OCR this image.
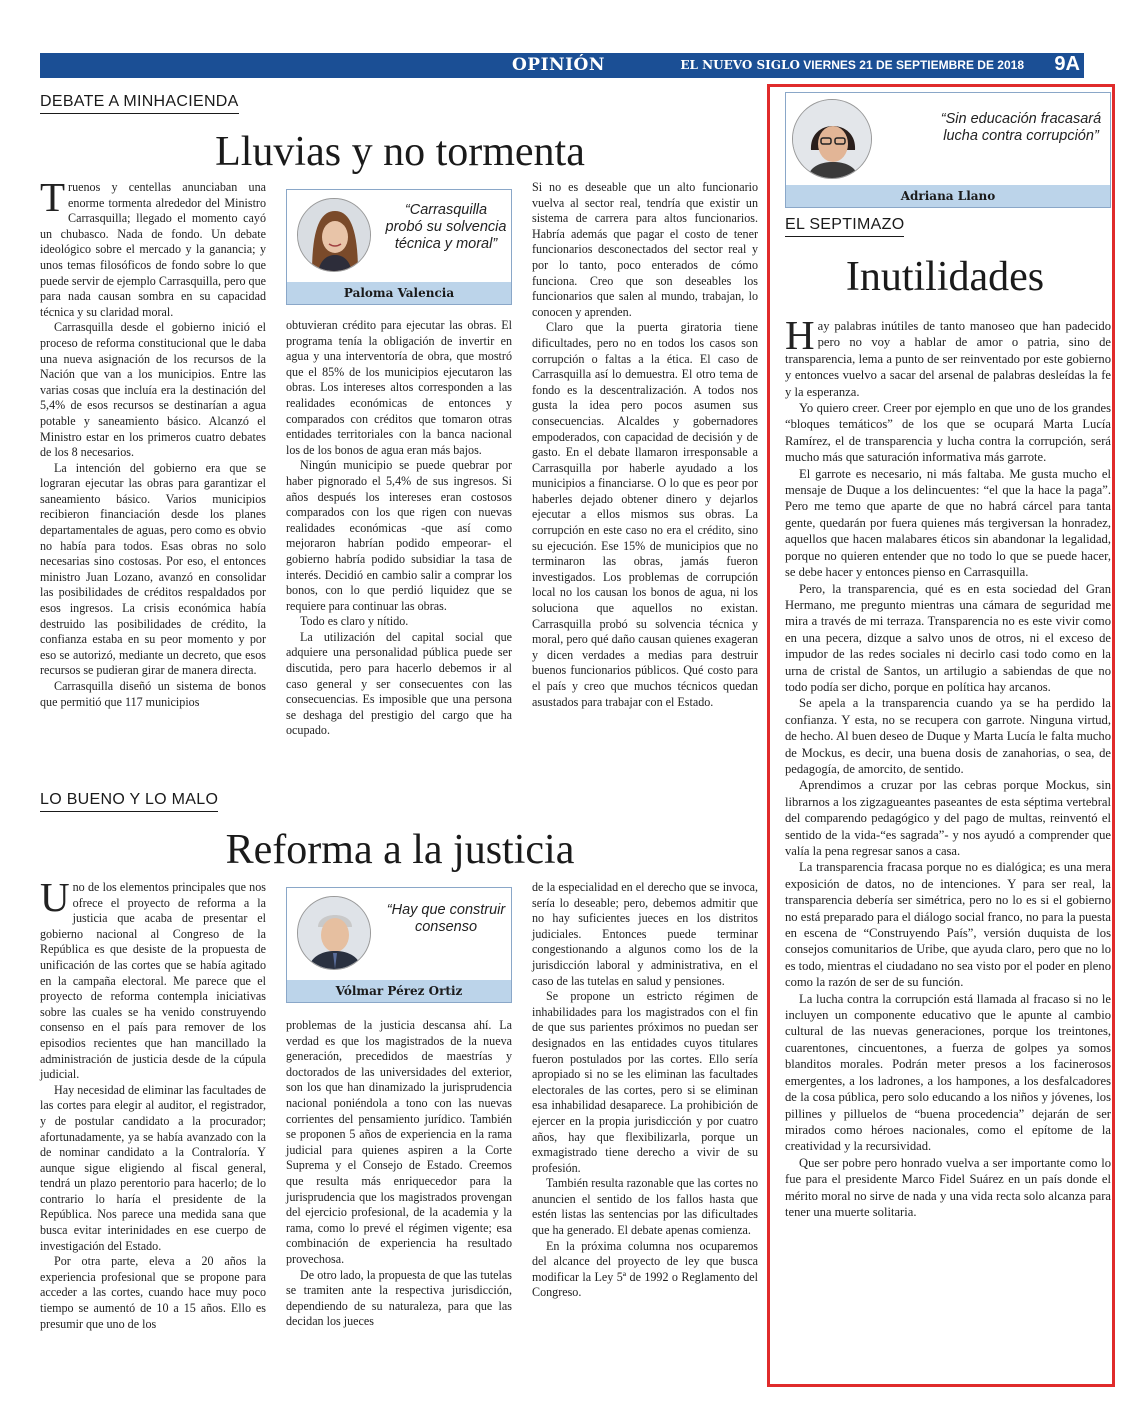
OPINIÓN	EL NUEVO SIGLO VIERNES 21 DE SEPTIEMBRE DE 2018 9A
DEBATE A MINHACIENDA
Lluvias y no tormenta

Truenos y centellas anunciaban una enorme tormenta alrededor del Ministro Carrasquilla; llegado el momento cayó un chubasco. Nada de fondo. Un debate ideológico sobre el mercado y la ganancia; y unos temas filosóficos de fondo sobre lo que puede servir de ejemplo Carrasquilla, pero que para nada causan sombra en su capacidad técnica y su claridad moral.

Carrasquilla desde el gobierno inició el proceso de reforma constitucional que le daba una nueva asignación de los recursos de la Nación que van a los municipios. Entre las varias cosas que incluía era la destinación del 5,4% de esos recursos se destinarían a agua potable y saneamiento básico. Alcanzó el Ministro estar en los primeros cuatro debates de los 8 necesarios.

La intención del gobierno era que se lograran ejecutar las obras para garantizar el saneamiento básico. Varios municipios recibieron financiación desde los planes departamentales de aguas, pero como es obvio no había para todos. Esas obras no solo necesarias sino costosas. Por eso, el entonces ministro Juan Lozano, avanzó en consolidar las posibilidades de créditos respaldados por esos ingresos. La crisis económica había destruido las posibilidades de crédito, la confianza estaba en su peor momento y por eso se autorizó, mediante un decreto, que esos recursos se pudieran girar de manera directa.

Carrasquilla diseñó un sistema de bonos que permitió que 117 municipios

“Carrasquilla probó su solvencia técnica y moral”
Paloma Valencia

obtuvieran crédito para ejecutar las obras. El programa tenía la obligación de invertir en agua y una interventoría de obra, que mostró que el 85% de los municipios ejecutaron las obras. Los intereses altos corresponden a las realidades económicas de entonces y comparados con créditos que tomaron otras entidades territoriales con la banca nacional los de los bonos de agua eran más bajos.

Ningún municipio se puede quebrar por haber pignorado el 5,4% de sus ingresos. Si años después los intereses eran costosos comparados con los que rigen con nuevas realidades económicas -que así como mejoraron habrían podido empeorar- el gobierno habría podido subsidiar la tasa de interés. Decidió en cambio salir a comprar los bonos, con lo que perdió liquidez que se requiere para continuar las obras.

Todo es claro y nítido.

La utilización del capital social que adquiere una personalidad pública puede ser discutida, pero para hacerlo debemos ir al caso general y ser consecuentes con las consecuencias. Es imposible que una persona se deshaga del prestigio del cargo que ha ocupado.

Si no es deseable que un alto funcionario vuelva al sector real, tendría que existir un sistema de carrera para altos funcionarios. Habría además que pagar el costo de tener funcionarios desconectados del sector real y por lo tanto, poco enterados de cómo funciona. Creo que son deseables los funcionarios que salen al mundo, trabajan, lo conocen y aprenden.

Claro que la puerta giratoria tiene dificultades, pero no en todos los casos son corrupción o faltas a la ética. El caso de Carrasquilla así lo demuestra. El otro tema de fondo es la descentralización. A todos nos gusta la idea pero pocos asumen sus consecuencias. Alcaldes y gobernadores empoderados, con capacidad de decisión y de gasto. En el debate llamaron irresponsable a Carrasquilla por haberle ayudado a los municipios a financiarse. O lo que es peor por haberles dejado obtener dinero y dejarlos ejecutar a ellos mismos sus obras. La corrupción en este caso no era el crédito, sino su ejecución. Ese 15% de municipios que no terminaron las obras, jamás fueron investigados. Los problemas de corrupción local no los causan los bonos de agua, ni los soluciona que aquellos no existan. Carrasquilla probó su solvencia técnica y moral, pero qué daño causan quienes exageran y dicen verdades a medias para destruir buenos funcionarios públicos. Qué costo para el país y creo que muchos técnicos quedan asustados para trabajar con el Estado.

LO BUENO Y LO MALO
Reforma a la justicia

Uno de los elementos principales que nos ofrece el proyecto de reforma a la justicia que acaba de presentar el gobierno nacional al Congreso de la República es que desiste de la propuesta de unificación de las cortes que se había agitado en la campaña electoral. Me parece que el proyecto de reforma contempla iniciativas sobre las cuales se ha venido construyendo consenso en el país para remover de los episodios recientes que han mancillado la administración de justicia desde de la cúpula judicial.

Hay necesidad de eliminar las facultades de las cortes para elegir al auditor, el registrador, y de postular candidato a la procurador; afortunadamente, ya se había avanzado con la de nominar candidato a la Contraloría. Y aunque sigue eligiendo al fiscal general, tendrá un plazo perentorio para hacerlo; de lo contrario lo haría el presidente de la República. Nos parece una medida sana que busca evitar interinidades en ese cuerpo de investigación del Estado.

Por otra parte, eleva a 20 años la experiencia profesional que se propone para acceder a las cortes, cuando hace muy poco tiempo se aumentó de 10 a 15 años. Ello es presumir que uno de los

“Hay que construir consenso
Vólmar Pérez Ortiz

problemas de la justicia descansa ahí. La verdad es que los magistrados de la nueva generación, precedidos de maestrías y doctorados de las universidades del exterior, son los que han dinamizado la jurisprudencia nacional poniéndola a tono con las nuevas corrientes del pensamiento jurídico. También se proponen 5 años de experiencia en la rama judicial para quienes aspiren a la Corte Suprema y el Consejo de Estado. Creemos que resulta más enriquecedor para la jurisprudencia que los magistrados provengan del ejercicio profesional, de la academia y la rama, como lo prevé el régimen vigente; esa combinación de experiencia ha resultado provechosa.

De otro lado, la propuesta de que las tutelas se tramiten ante la respectiva jurisdicción, dependiendo de su naturaleza, para que las decidan los jueces

de la especialidad en el derecho que se invoca, sería lo deseable; pero, debemos admitir que no hay suficientes jueces en los distritos judiciales. Entonces puede terminar congestionando a algunos como los de la jurisdicción laboral y administrativa, en el caso de las tutelas en salud y pensiones.

Se propone un estricto régimen de inhabilidades para los magistrados con el fin de que sus parientes próximos no puedan ser designados en las entidades cuyos titulares fueron postulados por las cortes. Ello sería apropiado si no se les eliminan las facultades electorales de las cortes, pero si se eliminan esa inhabilidad desaparece. La prohibición de ejercer en la propia jurisdicción y por cuatro años, hay que flexibilizarla, porque un exmagistrado tiene derecho a vivir de su profesión.

También resulta razonable que las cortes no anuncien el sentido de los fallos hasta que estén listas las sentencias por las dificultades que ha generado. El debate apenas comienza.

En la próxima columna nos ocuparemos del alcance del proyecto de ley que busca modificar la Ley 5ª de 1992 o Reglamento del Congreso.

“Sin educación fracasará lucha contra corrupción”
Adriana Llano
EL SEPTIMAZO
Inutilidades

Hay palabras inútiles de tanto manoseo que han padecido pero no voy a hablar de amor o patria, sino de transparencia, lema a punto de ser reinventado por este gobierno y entonces vuelvo a sacar del arsenal de palabras desleídas la fe y la esperanza.

Yo quiero creer. Creer por ejemplo en que uno de los grandes “bloques temáticos” de los que se ocupará Marta Lucía Ramírez, el de transparencia y lucha contra la corrupción, será mucho más que saturación informativa más garrote.

El garrote es necesario, ni más faltaba. Me gusta mucho el mensaje de Duque a los delincuentes: “el que la hace la paga”. Pero me temo que aparte de que no habrá cárcel para tanta gente, quedarán por fuera quienes más tergiversan la honradez, aquellos que hacen malabares éticos sin abandonar la legalidad, porque no quieren entender que no todo lo que se puede hacer, se debe hacer y entonces pienso en Carrasquilla.

Pero, la transparencia, qué es en esta sociedad del Gran Hermano, me pregunto mientras una cámara de seguridad me mira a través de mi terraza. Transparencia no es este vivir como en una pecera, dizque a salvo unos de otros, ni el exceso de impudor de las redes sociales ni decirlo casi todo como en la urna de cristal de Santos, un artilugio a sabiendas de que no todo podía ser dicho, porque en política hay arcanos.

Se apela a la transparencia cuando ya se ha perdido la confianza. Y esta, no se recupera con garrote. Ninguna virtud, de hecho. Al buen deseo de Duque y Marta Lucía le falta mucho de Mockus, es decir, una buena dosis de zanahorias, o sea, de pedagogía, de amorcito, de sentido.

Aprendimos a cruzar por las cebras porque Mockus, sin librarnos a los zigzagueantes paseantes de esta séptima vertebral del comparendo pedagógico y del pago de multas, reinventó el sentido de la vida-“es sagrada”- y nos ayudó a comprender que valía la pena regresar sanos a casa.

La transparencia fracasa porque no es dialógica; es una mera exposición de datos, no de intenciones. Y para ser real, la transparencia debería ser simétrica, pero no lo es si el gobierno no está preparado para el diálogo social franco, no para la puesta en escena de “Construyendo País”, versión duquista de los consejos comunitarios de Uribe, que ayuda claro, pero que no lo es todo, mientras el ciudadano no sea visto por el poder en pleno como la razón de ser de su función.

La lucha contra la corrupción está llamada al fracaso si no le incluyen un componente educativo que le apunte al cambio cultural de las nuevas generaciones, porque los treintones, cuarentones, cincuentones, a fuerza de golpes ya somos blanditos morales. Podrán meter presos a los facinerosos emergentes, a los ladrones, a los hampones, a los desfalcadores de la cosa pública, pero solo educando a los niños y jóvenes, los pillines y pilluelos de “buena procedencia” dejarán de ser mirados como héroes nacionales, como el epítome de la creatividad y la recursividad.

Que ser pobre pero honrado vuelva a ser importante como lo fue para el presidente Marco Fidel Suárez en un país donde el mérito moral no sirve de nada y una vida recta solo alcanza para tener una muerte solitaria.
